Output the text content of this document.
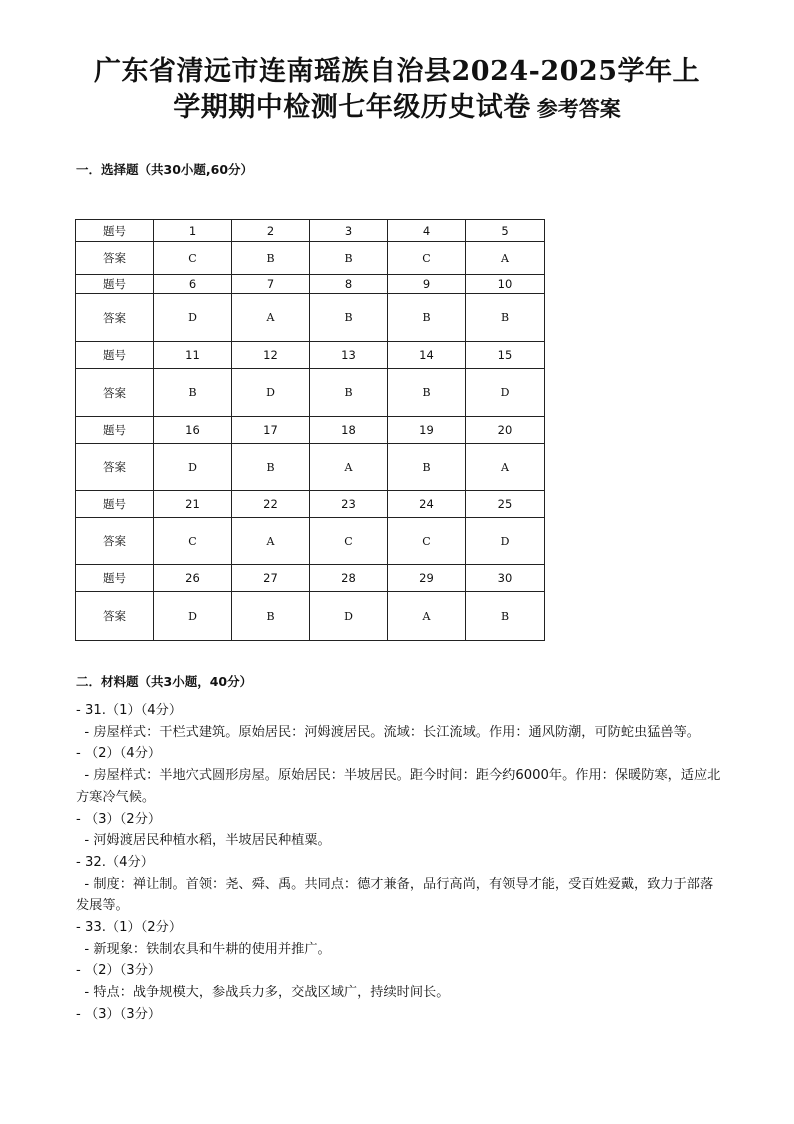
广东省清远市连南瑶族自治县2024-2025学年上
学期期中检测七年级历史试卷 参考答案
一．选择题（共30小题,60分）
题号	1	2	3	4	5
答案	C	B	B	C	A
题号	6	7	8	9	10
答案	D	A	B	B	B
题号	11	12	13	14	15
答案	B	D	B	B	D
题号	16	17	18	19	20
答案	D	B	A	B	A
题号	21	22	23	24	25
答案	C	A	C	C	D
题号	26	27	28	29	30
答案	D	B	D	A	B
二．材料题（共3小题，40分）
- 31.（1）（4分）
- 房屋样式：干栏式建筑。原始居民：河姆渡居民。流域：长江流域。作用：通风防潮，可防蛇虫猛兽等。
- （2）（4分）
- 房屋样式：半地穴式圆形房屋。原始居民：半坡居民。距今时间：距今约6000年。作用：保暖防寒，适应北方寒冷气候。
- （3）（2分）
- 河姆渡居民种植水稻，半坡居民种植粟。
- 32.（4分）
- 制度：禅让制。首领：尧、舜、禹。共同点：德才兼备，品行高尚，有领导才能，受百姓爱戴，致力于部落发展等。
- 33.（1）（2分）
- 新现象：铁制农具和牛耕的使用并推广。
- （2）（3分）
- 特点：战争规模大，参战兵力多，交战区域广，持续时间长。
- （3）（3分）
